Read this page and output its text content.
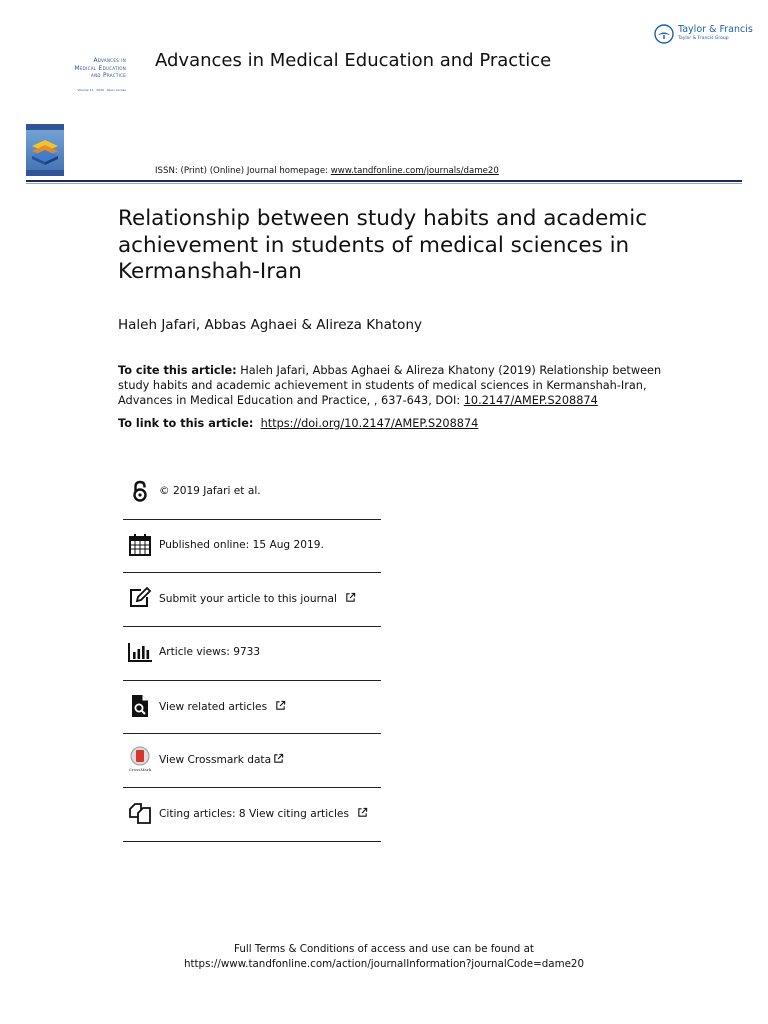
Taylor & Francis
Taylor & Francis Group
Advances in
Medical Education
and Practice
Volume 11 · 2020 · Open Access
Advances in Medical Education and Practice
ISSN: (Print) (Online) Journal homepage: www.tandfonline.com/journals/dame20
Relationship between study habits and academic achievement in students of medical sciences in Kermanshah-Iran
Haleh Jafari, Abbas Aghaei & Alireza Khatony
To cite this article: Haleh Jafari, Abbas Aghaei & Alireza Khatony (2019) Relationship between study habits and academic achievement in students of medical sciences in Kermanshah-Iran, Advances in Medical Education and Practice, , 637-643, DOI: 10.2147/AMEP.S208874
To link to this article: https://doi.org/10.2147/AMEP.S208874
© 2019 Jafari et al.
Published online: 15 Aug 2019.
Submit your article to this journal
Article views: 9733
View related articles
CrossMark
View Crossmark data
Citing articles: 8 View citing articles
Full Terms & Conditions of access and use can be found at
https://www.tandfonline.com/action/journalInformation?journalCode=dame20
